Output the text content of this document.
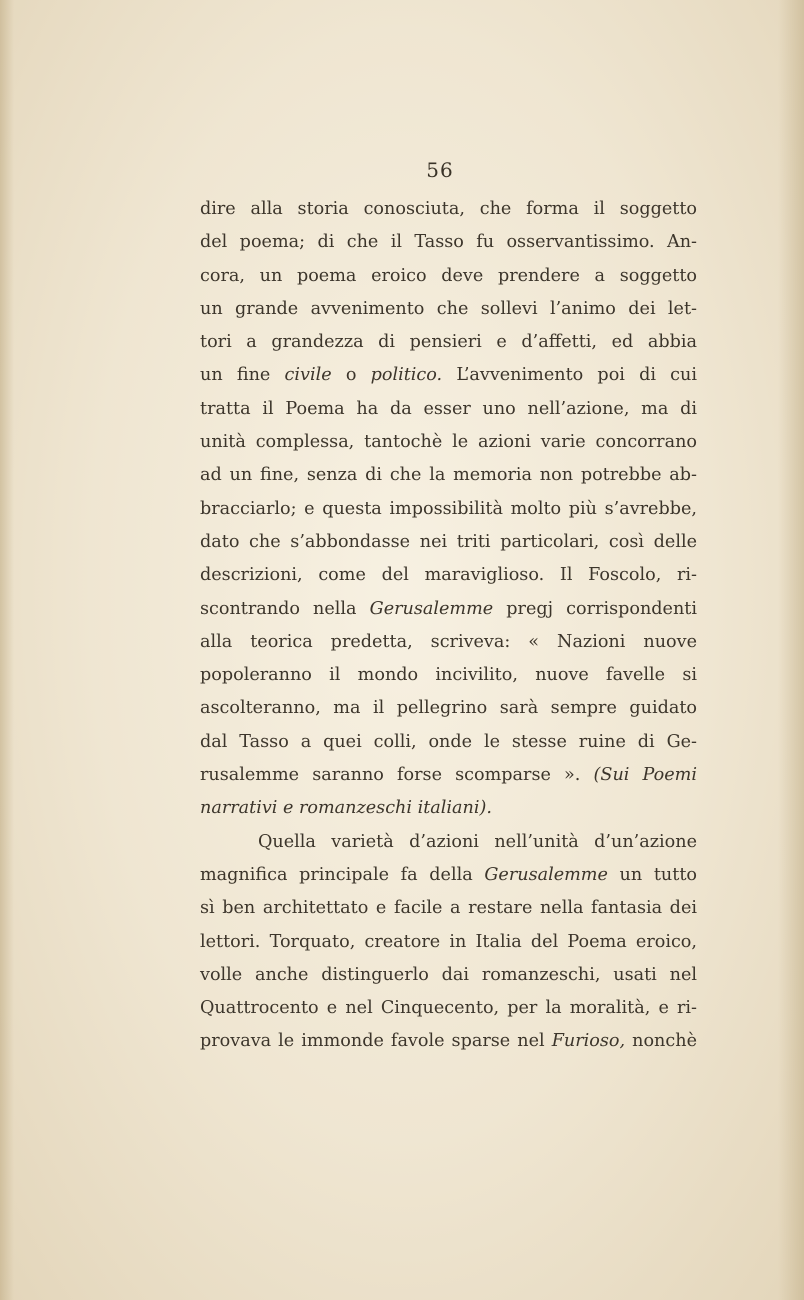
56
dire alla storia conosciuta, che forma il soggetto
del poema; di che il Tasso fu osservantissimo. An-
cora, un poema eroico deve prendere a soggetto
un grande avvenimento che sollevi l’animo dei let-
tori a grandezza di pensieri e d’affetti, ed abbia
un fine civile o politico. L’avvenimento poi di cui
tratta il Poema ha da esser uno nell’azione, ma di
unità complessa, tantochè le azioni varie concorrano
ad un fine, senza di che la memoria non potrebbe ab-
bracciarlo; e questa impossibilità molto più s’avrebbe,
dato che s’abbondasse nei triti particolari, così delle
descrizioni, come del maraviglioso. Il Foscolo, ri-
scontrando nella Gerusalemme pregj corrispondenti
alla teorica predetta, scriveva: « Nazioni nuove
popoleranno il mondo incivilito, nuove favelle si
ascolteranno, ma il pellegrino sarà sempre guidato
dal Tasso a quei colli, onde le stesse ruine di Ge-
rusalemme saranno forse scomparse ». (Sui Poemi
narrativi e romanzeschi italiani).
Quella varietà d’azioni nell’unità d’un’azione
magnifica principale fa della Gerusalemme un tutto
sì ben architettato e facile a restare nella fantasia dei
lettori. Torquato, creatore in Italia del Poema eroico,
volle anche distinguerlo dai romanzeschi, usati nel
Quattrocento e nel Cinquecento, per la moralità, e ri-
provava le immonde favole sparse nel Furioso, nonchè
